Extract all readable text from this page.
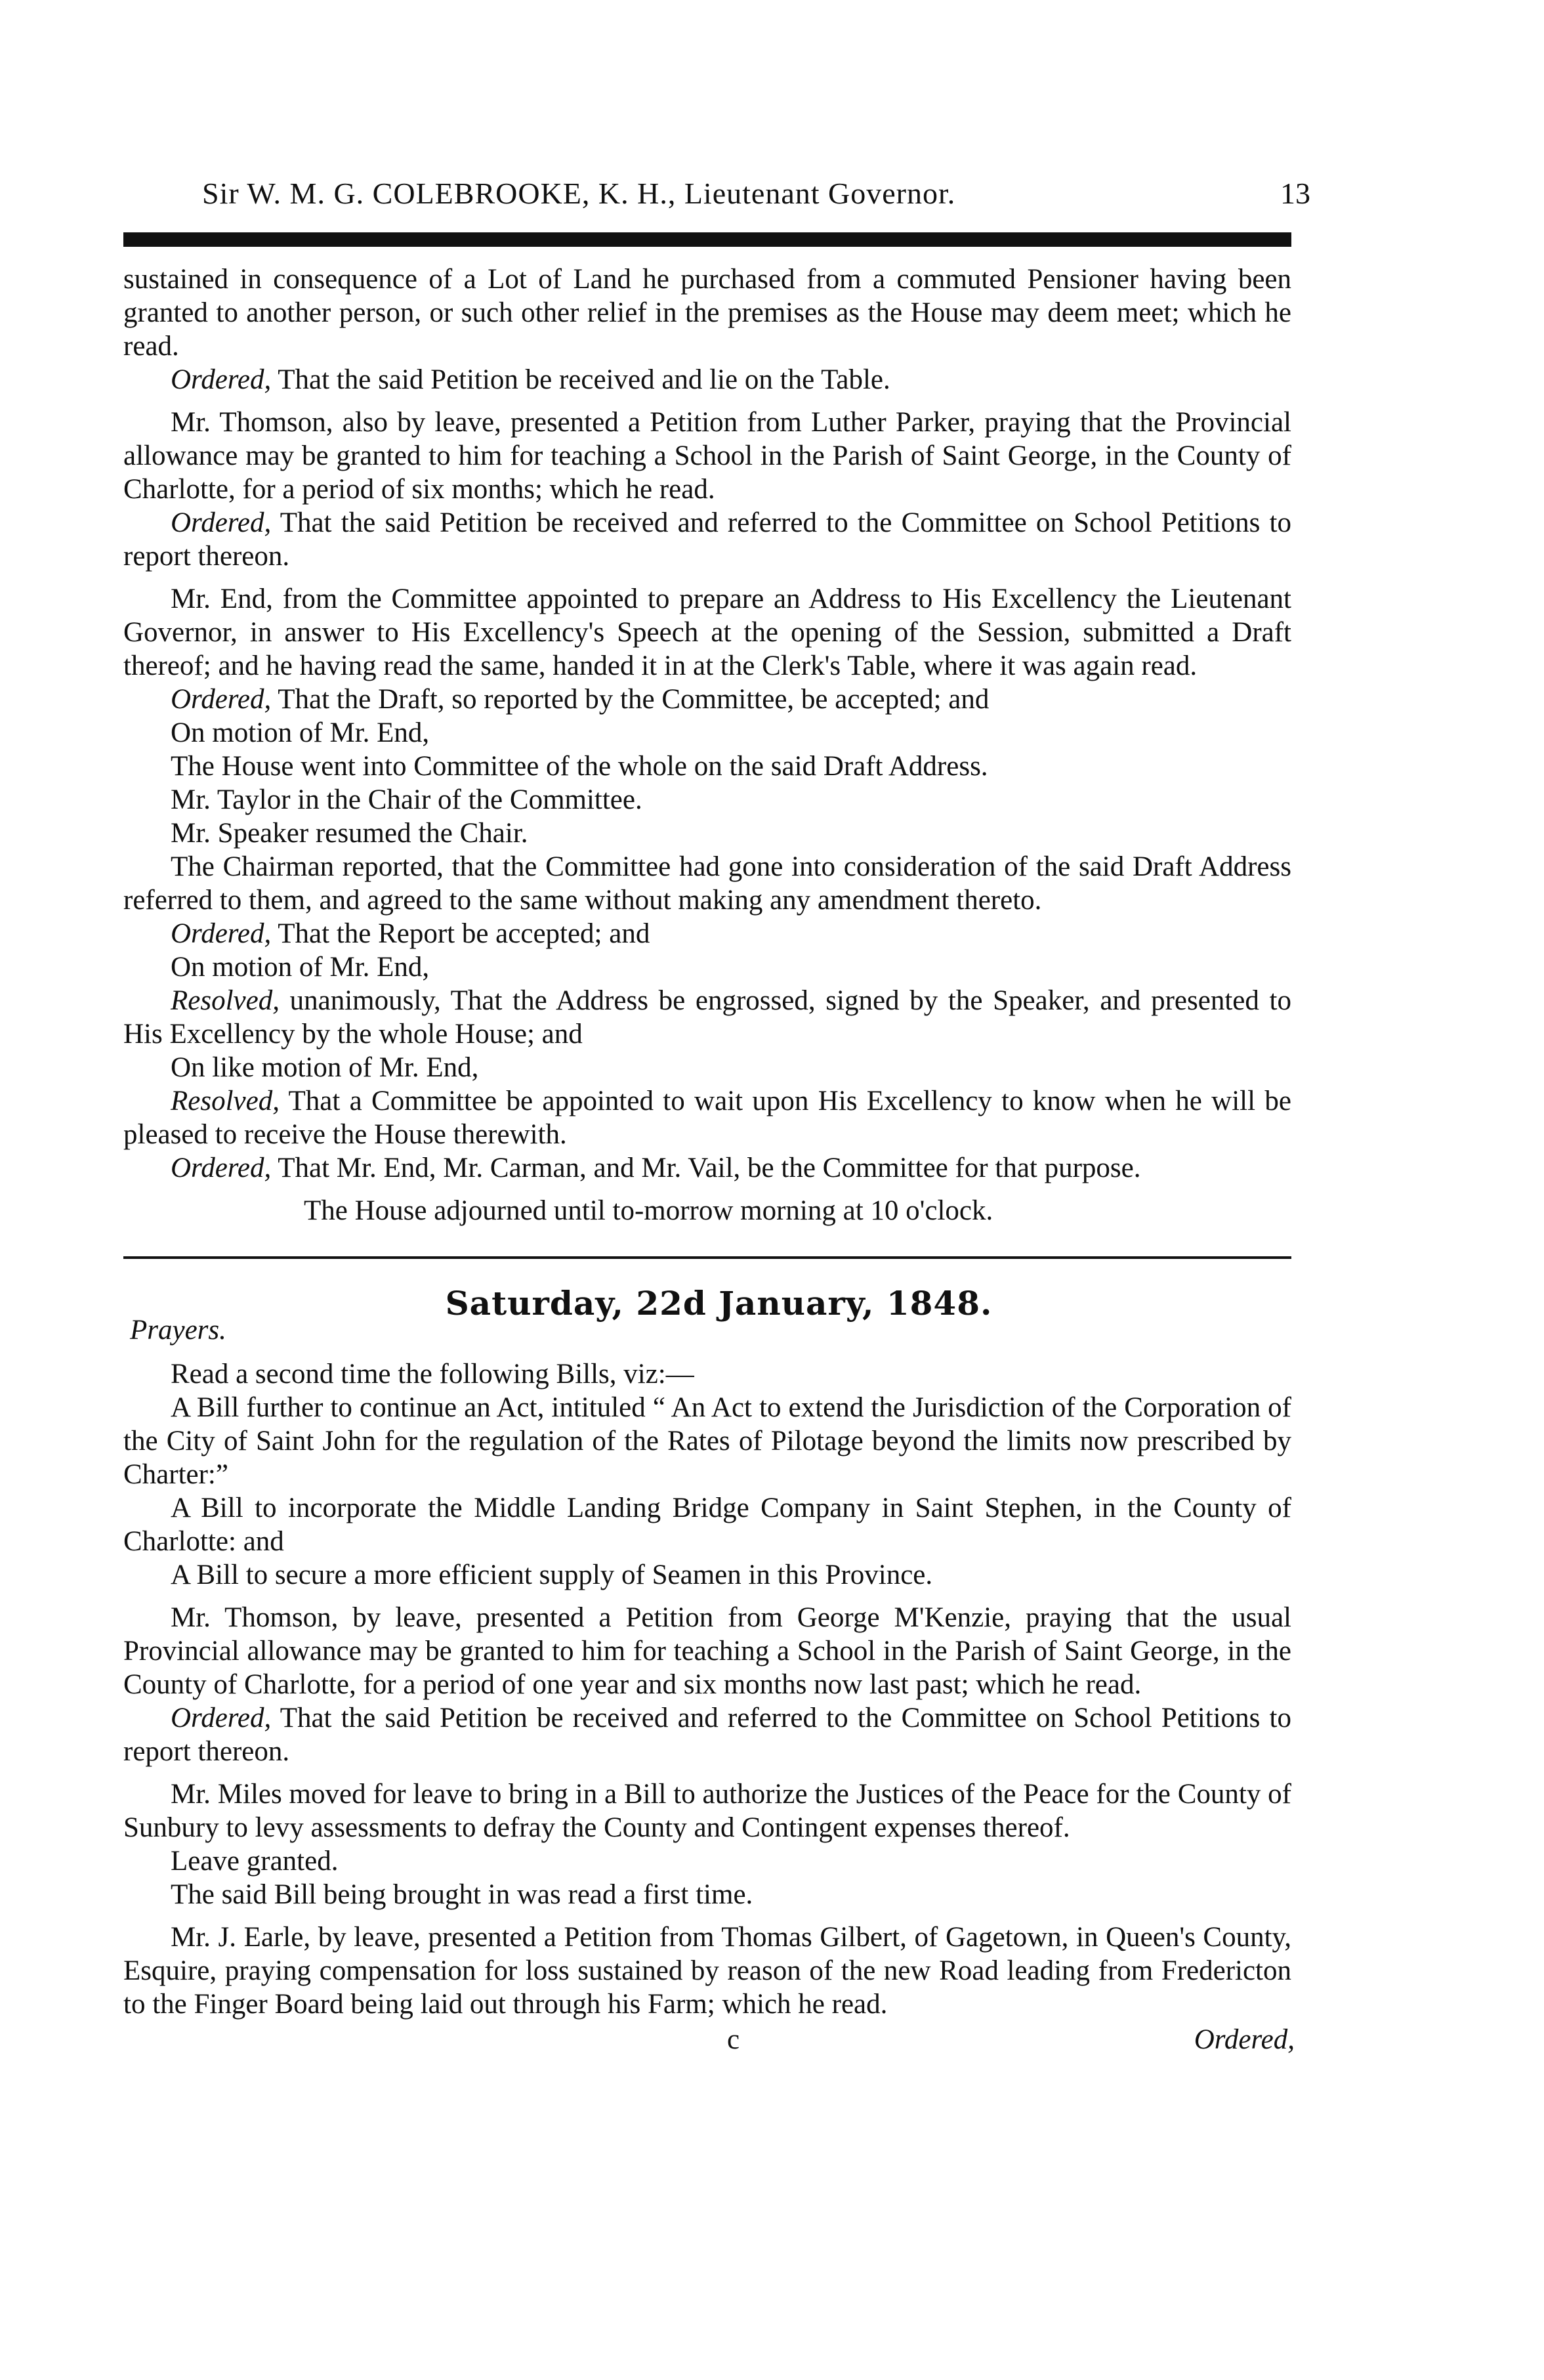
Sir W. M. G. COLEBROOKE, K. H., Lieutenant Governor.	13

sustained in consequence of a Lot of Land he purchased from a commuted Pensioner having been granted to another person, or such other relief in the premises as the House may deem meet; which he read.

Ordered, That the said Petition be received and lie on the Table.

Mr. Thomson, also by leave, presented a Petition from Luther Parker, praying that the Provincial allowance may be granted to him for teaching a School in the Parish of Saint George, in the County of Charlotte, for a period of six months; which he read.

Ordered, That the said Petition be received and referred to the Committee on School Petitions to report thereon.

Mr. End, from the Committee appointed to prepare an Address to His Excellency the Lieutenant Governor, in answer to His Excellency's Speech at the opening of the Session, submitted a Draft thereof; and he having read the same, handed it in at the Clerk's Table, where it was again read.

Ordered, That the Draft, so reported by the Committee, be accepted; and

On motion of Mr. End,

The House went into Committee of the whole on the said Draft Address.

Mr. Taylor in the Chair of the Committee.

Mr. Speaker resumed the Chair.

The Chairman reported, that the Committee had gone into consideration of the said Draft Address referred to them, and agreed to the same without making any amendment thereto.

Ordered, That the Report be accepted; and

On motion of Mr. End,

Resolved, unanimously, That the Address be engrossed, signed by the Speaker, and presented to His Excellency by the whole House; and

On like motion of Mr. End,

Resolved, That a Committee be appointed to wait upon His Excellency to know when he will be pleased to receive the House therewith.

Ordered, That Mr. End, Mr. Carman, and Mr. Vail, be the Committee for that purpose.

The House adjourned until to-morrow morning at 10 o'clock.

Saturday, 22d January, 1848.
Prayers.

Read a second time the following Bills, viz:—

A Bill further to continue an Act, intituled “ An Act to extend the Jurisdiction of the Corporation of the City of Saint John for the regulation of the Rates of Pilotage beyond the limits now prescribed by Charter:”

A Bill to incorporate the Middle Landing Bridge Company in Saint Stephen, in the County of Charlotte: and

A Bill to secure a more efficient supply of Seamen in this Province.

Mr. Thomson, by leave, presented a Petition from George M'Kenzie, praying that the usual Provincial allowance may be granted to him for teaching a School in the Parish of Saint George, in the County of Charlotte, for a period of one year and six months now last past; which he read.

Ordered, That the said Petition be received and referred to the Committee on School Petitions to report thereon.

Mr. Miles moved for leave to bring in a Bill to authorize the Justices of the Peace for the County of Sunbury to levy assessments to defray the County and Contingent expenses thereof.

Leave granted.

The said Bill being brought in was read a first time.

Mr. J. Earle, by leave, presented a Petition from Thomas Gilbert, of Gagetown, in Queen's County, Esquire, praying compensation for loss sustained by reason of the new Road leading from Fredericton to the Finger Board being laid out through his Farm; which he read.

c	Ordered,
